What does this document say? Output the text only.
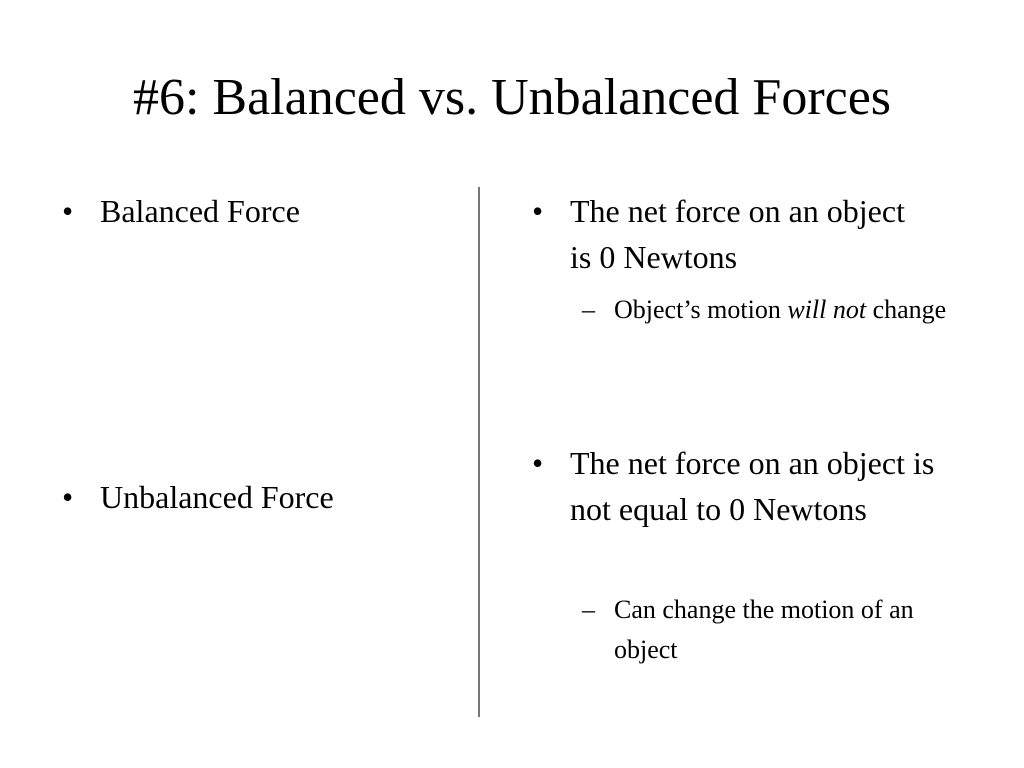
#6: Balanced vs. Unbalanced Forces
• Balanced Force
• Unbalanced Force
• The net force on an object is 0 Newtons
– Object’s motion will not change
• The net force on an object is not equal to 0 Newtons
– Can change the motion of an object
